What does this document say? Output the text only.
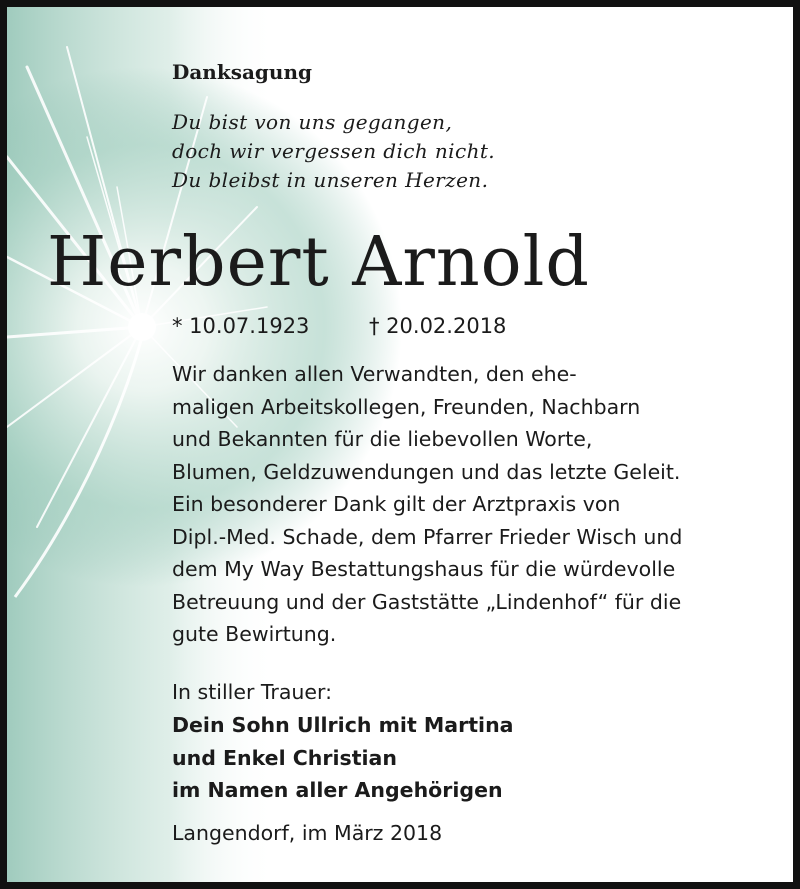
Danksagung
Du bist von uns gegangen,
doch wir vergessen dich nicht.
Du bleibst in unseren Herzen.
Herbert Arnold
* 10.07.1923	† 20.02.2018
Wir danken allen Verwandten, den ehe-
maligen Arbeitskollegen, Freunden, Nachbarn
und Bekannten für die liebevollen Worte,
Blumen, Geldzuwendungen und das letzte Geleit.
Ein besonderer Dank gilt der Arztpraxis von
Dipl.-Med. Schade, dem Pfarrer Frieder Wisch und
dem My Way Bestattungshaus für die würdevolle
Betreuung und der Gaststätte „Lindenhof“ für die
gute Bewirtung.
In stiller Trauer:
Dein Sohn Ullrich mit Martina
und Enkel Christian
im Namen aller Angehörigen
Langendorf, im März 2018
